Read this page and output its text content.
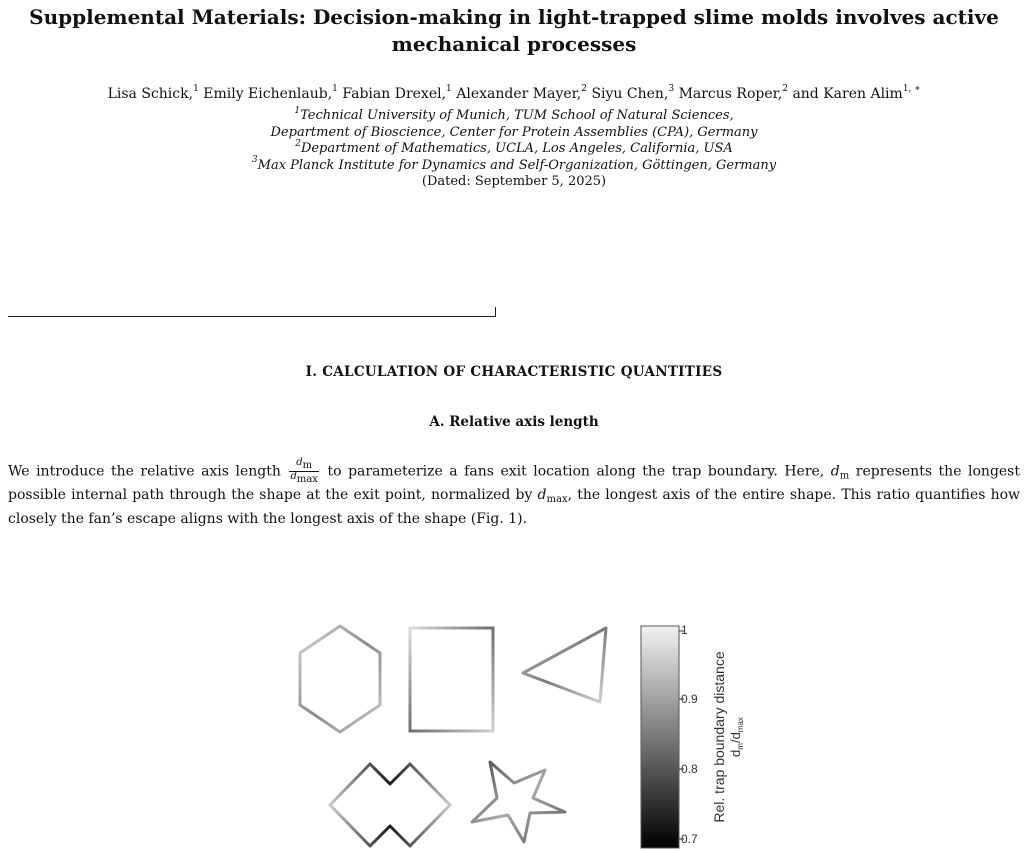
Supplemental Materials: Decision-making in light-trapped slime molds involves active
mechanical processes
Lisa Schick,$^1$ Emily Eichenlaub,$^1$ Fabian Drexel,$^1$ Alexander Mayer,$^2$ Siyu Chen,$^3$ Marcus Roper,$^2$ and Karen Alim$^{1, ∗}$
$^1$Technical University of Munich, TUM School of Natural Sciences,
Department of Bioscience, Center for Protein Assemblies (CPA), Germany
$^2$Department of Mathematics, UCLA, Los Angeles, California, USA
$^3$Max Planck Institute for Dynamics and Self-Organization, Göttingen, Germany
(Dated: September 5, 2025)
I. CALCULATION OF CHARACTERISTIC QUANTITIES
A. Relative axis length
We introduce the relative axis length $\frac{dm}{dmax}$ to parameterize a fans exit location along the trap boundary. Here, $d_m$ represents the longest possible internal path through the shape at the exit point, normalized by $d_{max}$, the longest axis of the entire shape. This ratio quantifies how closely the fan’s escape aligns with the longest axis of the shape (Fig. 1).
1
0.9
0.8
0.7
Rel. trap boundary distance $d_m/d_{max}$
